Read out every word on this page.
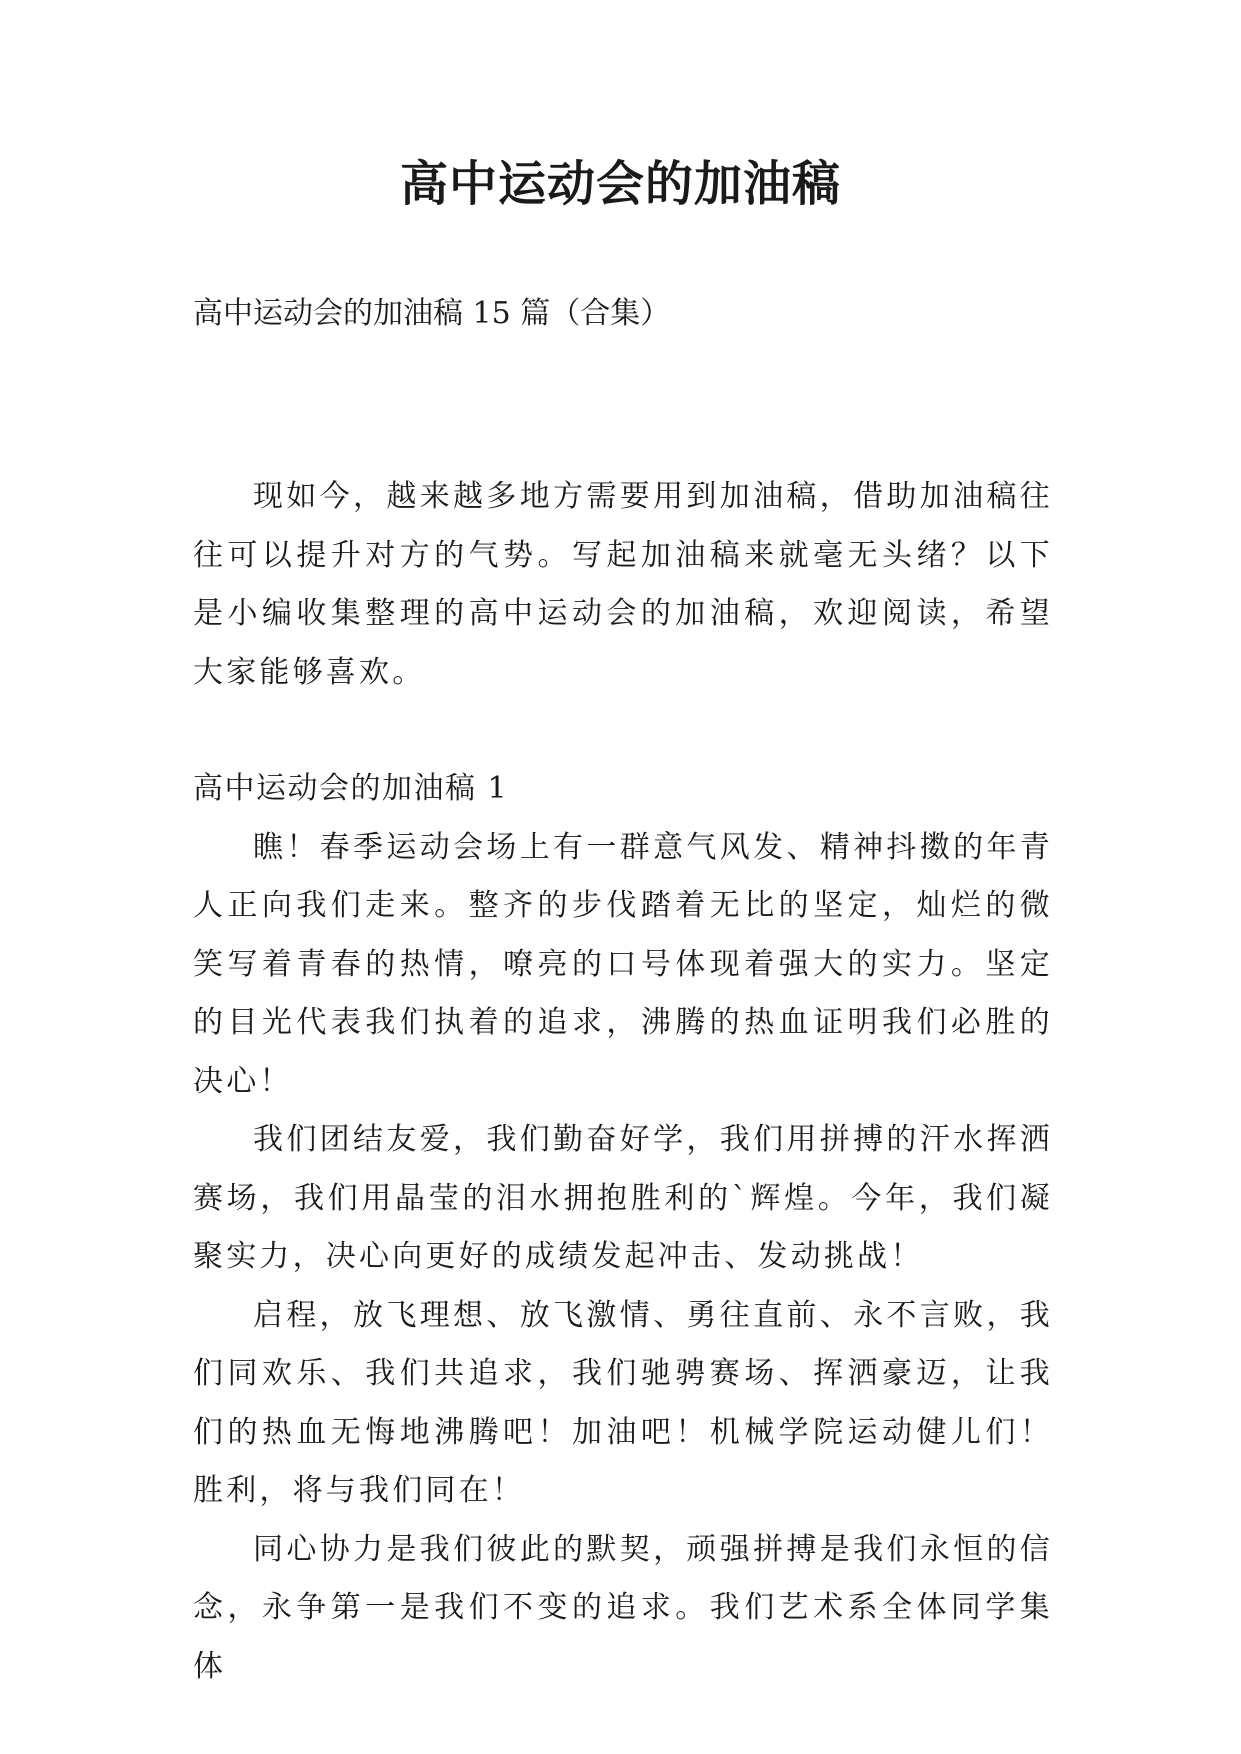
高中运动会的加油稿

高中运动会的加油稿 15 篇（合集）

现如今，越来越多地方需要用到加油稿，借助加油稿往往可以提升对方的气势。写起加油稿来就毫无头绪？以下是小编收集整理的高中运动会的加油稿，欢迎阅读，希望大家能够喜欢。

高中运动会的加油稿 1

瞧！春季运动会场上有一群意气风发、精神抖擞的年青人正向我们走来。整齐的步伐踏着无比的坚定，灿烂的微笑写着青春的热情，嘹亮的口号体现着强大的实力。坚定的目光代表我们执着的追求，沸腾的热血证明我们必胜的决心！

我们团结友爱，我们勤奋好学，我们用拼搏的汗水挥洒赛场，我们用晶莹的泪水拥抱胜利的`辉煌。今年，我们凝聚实力，决心向更好的成绩发起冲击、发动挑战！

启程，放飞理想、放飞激情、勇往直前、永不言败，我们同欢乐、我们共追求，我们驰骋赛场、挥洒豪迈，让我们的热血无悔地沸腾吧！加油吧！机械学院运动健儿们！胜利，将与我们同在！

同心协力是我们彼此的默契，顽强拼搏是我们永恒的信念，永争第一是我们不变的追求。我们艺术系全体同学集体
